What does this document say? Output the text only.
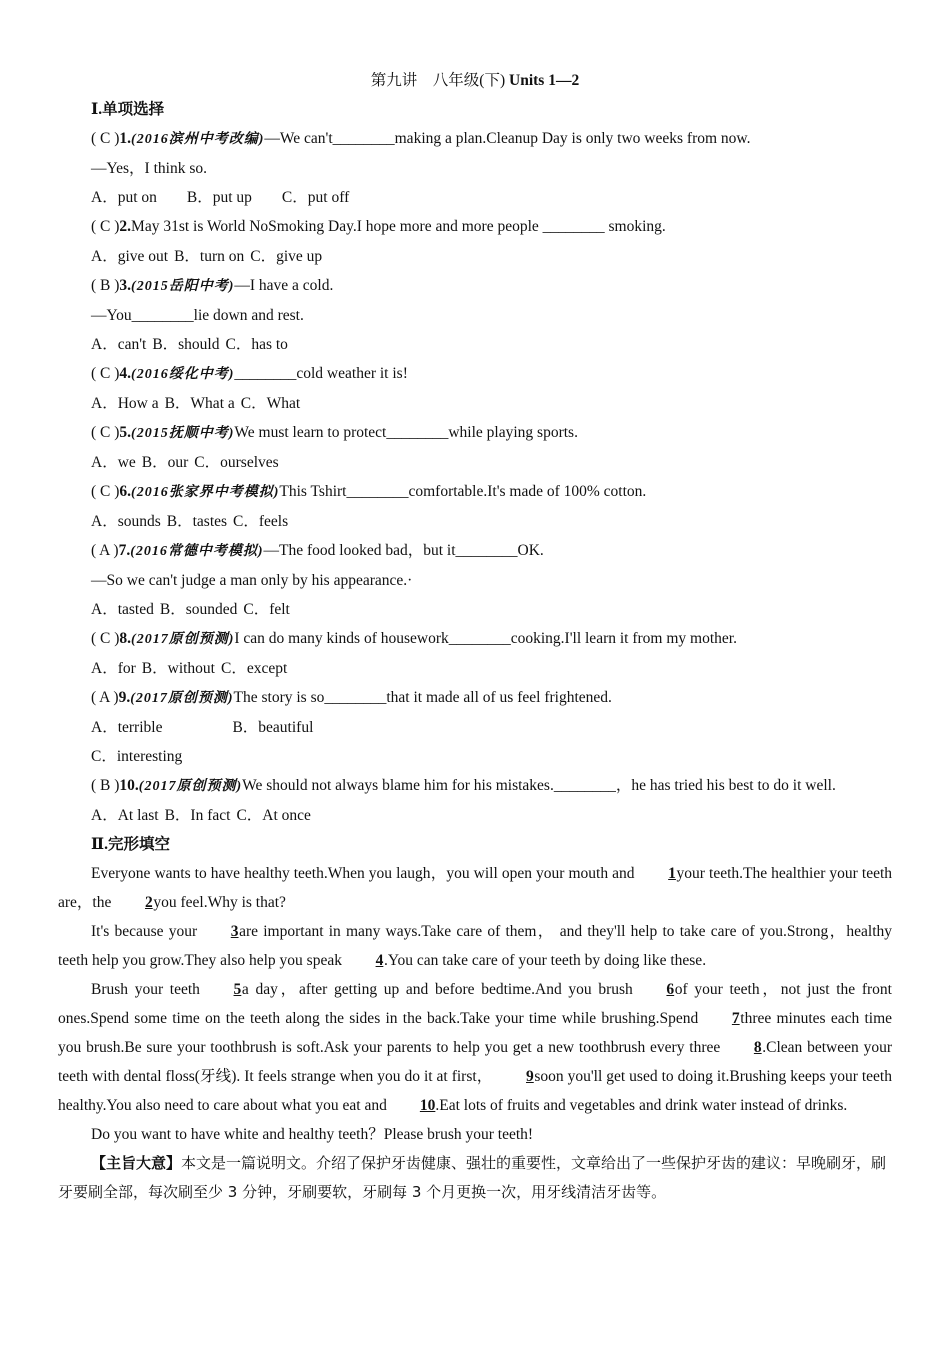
第九讲　八年级(下) Units 1—2
Ⅰ.单项选择
( C )1.(2016滨州中考改编)—We can't________making a plan.Cleanup Day is only two weeks from now.
—Yes，I think so.
A．put on B．put up C．put off
( C )2.May 31st is World NoSmoking Day.I hope more and more people ________ smoking.
A．give out B．turn on C．give up
( B )3.(2015岳阳中考)—I have a cold.
—You________lie down and rest.
A．can't B．should C．has to
( C )4.(2016绥化中考)________cold weather it is!
A．How a B．What a C．What
( C )5.(2015抚顺中考)We must learn to protect________while playing sports.
A．we B．our C．ourselves
( C )6.(2016张家界中考模拟)This Tshirt________comfortable.It's made of 100% cotton.
A．sounds B．tastes C．feels
( A )7.(2016常德中考模拟)—The food looked bad，but it________OK.
—So we can't judge a man only by his appearance.·
A．tasted B．sounded C．felt
( C )8.(2017原创预测)I can do many kinds of housework________cooking.I'll learn it from my mother.
A．for B．without C．except
( A )9.(2017原创预测)The story is so________that it made all of us feel frightened.
A．terrible	B．beautiful
C．interesting
( B )10.(2017原创预测)We should not always blame him for his mistakes.________，he has tried his best to do it well.
A．At last B．In fact C．At once
Ⅱ.完形填空
Everyone wants to have healthy teeth.When you laugh，you will open your mouth and 1your teeth.The healthier your teeth are，the 2you feel.Why is that?
It's because your 3are important in many ways.Take care of them， and they'll help to take care of you.Strong，healthy teeth help you grow.They also help you speak 4.You can take care of your teeth by doing like these.
Brush your teeth 5a day，after getting up and before bedtime.And you brush 6of your teeth，not just the front ones.Spend some time on the teeth along the sides in the back.Take your time while brushing.Spend 7three minutes each time you brush.Be sure your toothbrush is soft.Ask your parents to help you get a new toothbrush every three 8.Clean between your teeth with dental floss(牙线). It feels strange when you do it at first， 9soon you'll get used to doing it.Brushing keeps your teeth healthy.You also need to care about what you eat and 10.Eat lots of fruits and vegetables and drink water instead of drinks.
Do you want to have white and healthy teeth？Please brush your teeth!
【主旨大意】本文是一篇说明文。介绍了保护牙齿健康、强壮的重要性，文章给出了一些保护牙齿的建议：早晚刷牙，刷牙要刷全部，每次刷至少 3 分钟，牙刷要软，牙刷每 3 个月更换一次，用牙线清洁牙齿等。
